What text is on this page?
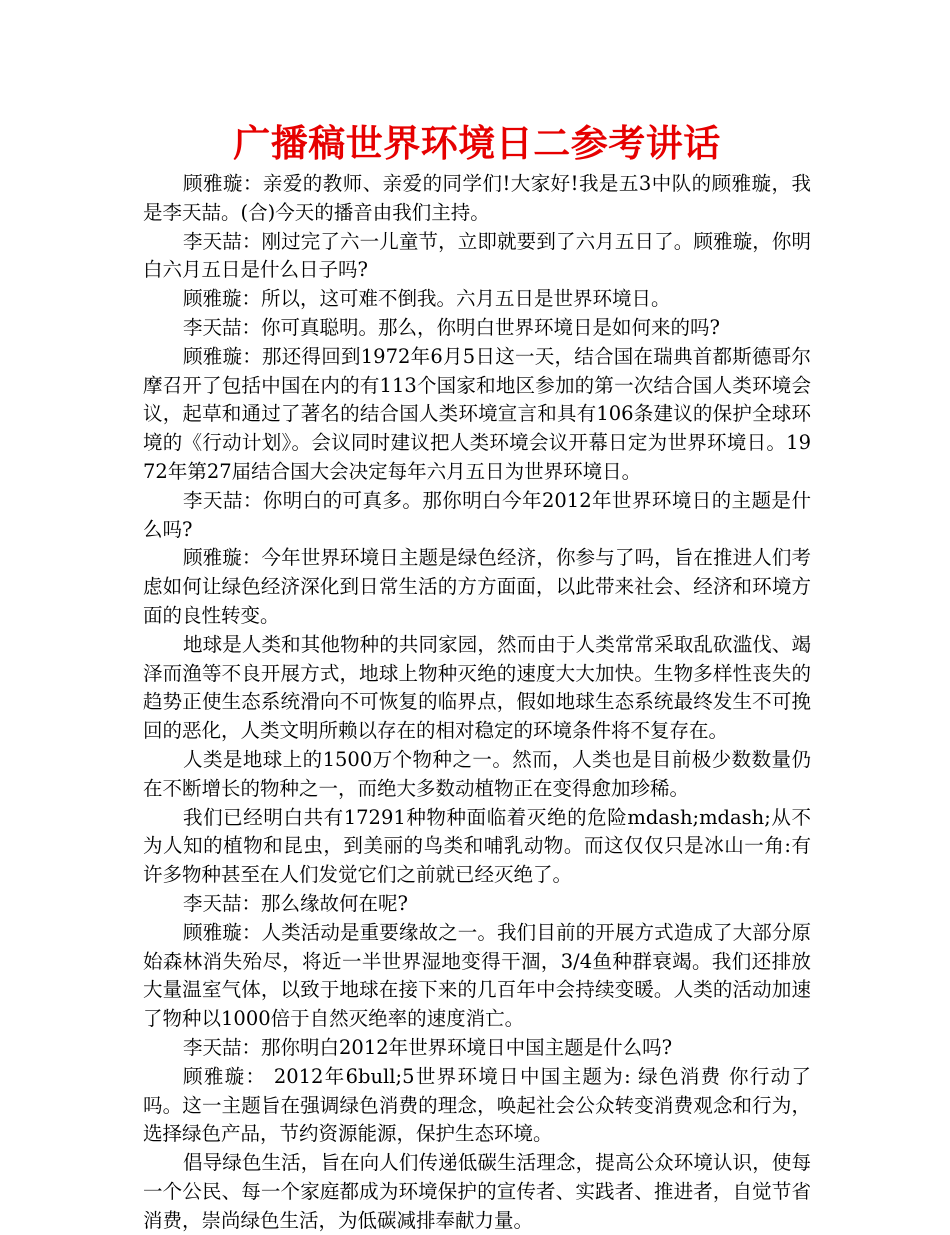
广播稿世界环境日二参考讲话

顾雅璇：亲爱的教师、亲爱的同学们!大家好!我是五3中队的顾雅璇，我是李天喆。(合)今天的播音由我们主持。

李天喆：刚过完了六一儿童节，立即就要到了六月五日了。顾雅璇，你明白六月五日是什么日子吗?

顾雅璇：所以，这可难不倒我。六月五日是世界环境日。

李天喆：你可真聪明。那么，你明白世界环境日是如何来的吗?

顾雅璇：那还得回到1972年6月5日这一天，结合国在瑞典首都斯德哥尔摩召开了包括中国在内的有113个国家和地区参加的第一次结合国人类环境会议，起草和通过了著名的结合国人类环境宣言和具有106条建议的保护全球环境的《行动计划》。会议同时建议把人类环境会议开幕日定为世界环境日。1972年第27届结合国大会决定每年六月五日为世界环境日。

李天喆：你明白的可真多。那你明白今年2012年世界环境日的主题是什么吗?

顾雅璇：今年世界环境日主题是绿色经济，你参与了吗，旨在推进人们考虑如何让绿色经济深化到日常生活的方方面面，以此带来社会、经济和环境方面的良性转变。

地球是人类和其他物种的共同家园，然而由于人类常常采取乱砍滥伐、竭泽而渔等不良开展方式，地球上物种灭绝的速度大大加快。生物多样性丧失的趋势正使生态系统滑向不可恢复的临界点，假如地球生态系统最终发生不可挽回的恶化，人类文明所赖以存在的相对稳定的环境条件将不复存在。

人类是地球上的1500万个物种之一。然而，人类也是目前极少数数量仍在不断增长的物种之一，而绝大多数动植物正在变得愈加珍稀。

我们已经明白共有17291种物种面临着灭绝的危险mdash;mdash;从不为人知的植物和昆虫，到美丽的鸟类和哺乳动物。而这仅仅只是冰山一角:有许多物种甚至在人们发觉它们之前就已经灭绝了。

李天喆：那么缘故何在呢?

顾雅璇：人类活动是重要缘故之一。我们目前的开展方式造成了大部分原始森林消失殆尽，将近一半世界湿地变得干涸，3/4鱼种群衰竭。我们还排放大量温室气体，以致于地球在接下来的几百年中会持续变暖。人类的活动加速了物种以1000倍于自然灭绝率的速度消亡。

李天喆：那你明白2012年世界环境日中国主题是什么吗?

顾雅璇： 2012年6bull;5世界环境日中国主题为: 绿色消费 你行动了吗。这一主题旨在强调绿色消费的理念，唤起社会公众转变消费观念和行为，选择绿色产品，节约资源能源，保护生态环境。

倡导绿色生活，旨在向人们传递低碳生活理念，提高公众环境认识，使每一个公民、每一个家庭都成为环境保护的宣传者、实践者、推进者，自觉节省消费，崇尚绿色生活，为低碳减排奉献力量。
